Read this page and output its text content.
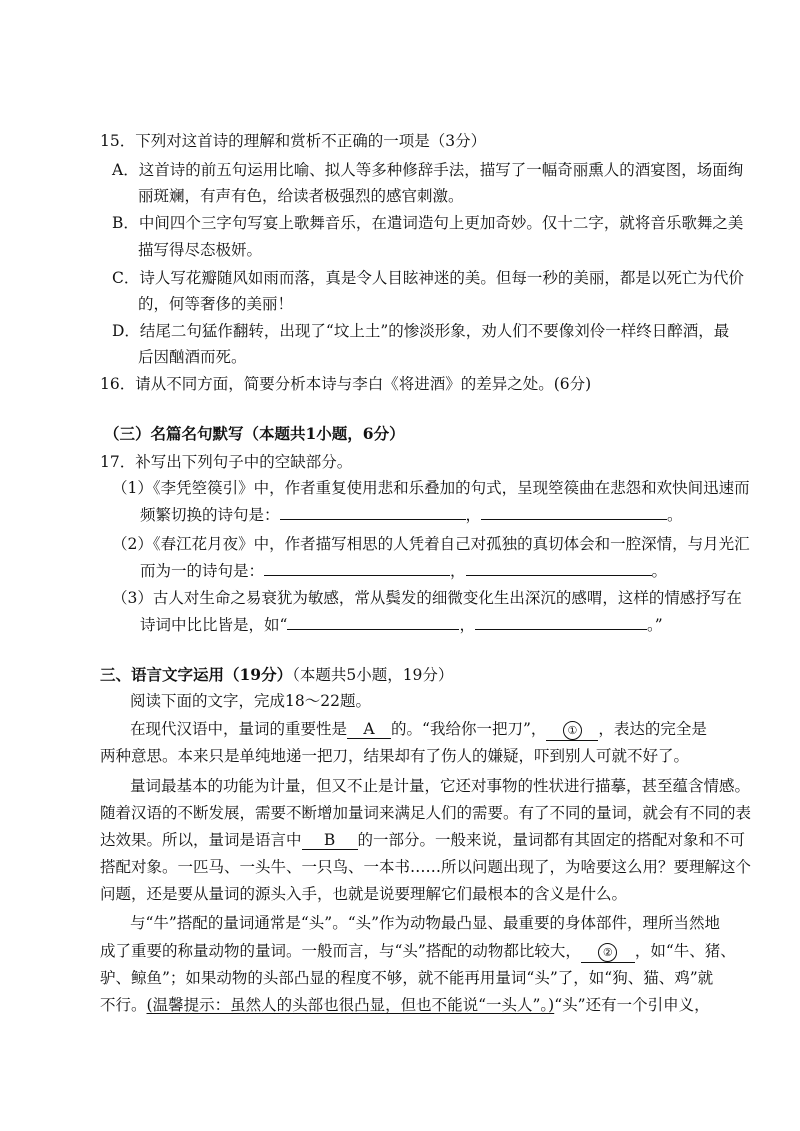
15．下列对这首诗的理解和赏析不正确的一项是（3分）
A．这首诗的前五句运用比喻、拟人等多种修辞手法，描写了一幅奇丽熏人的酒宴图，场面绚
丽斑斓，有声有色，给读者极强烈的感官刺激。
B．中间四个三字句写宴上歌舞音乐，在遣词造句上更加奇妙。仅十二字，就将音乐歌舞之美
描写得尽态极妍。
C．诗人写花瓣随风如雨而落，真是令人目眩神迷的美。但每一秒的美丽，都是以死亡为代价
的，何等奢侈的美丽！
D．结尾二句猛作翻转，出现了“坟上土”的惨淡形象，劝人们不要像刘伶一样终日醉酒，最
后因酗酒而死。
16．请从不同方面，简要分析本诗与李白《将进酒》的差异之处。(6分)
（三）名篇名句默写（本题共1小题，6分）
17．补写出下列句子中的空缺部分。
（1）《李凭箜篌引》中，作者重复使用悲和乐叠加的句式，呈现箜篌曲在悲怨和欢快间迅速而
频繁切换的诗句是：	，	。
（2）《春江花月夜》中，作者描写相思的人凭着自己对孤独的真切体会和一腔深情，与月光汇
而为一的诗句是：	，	。
（3）古人对生命之易衰犹为敏感，常从鬓发的细微变化生出深沉的感喟，这样的情感抒写在
诗词中比比皆是，如“	，	。”
三、语言文字运用（19分）（本题共5小题，19分）
阅读下面的文字，完成18～22题。
在现代汉语中，量词的重要性是 A 的。“我给你一把刀”， ① ，表达的完全是
两种意思。本来只是单纯地递一把刀，结果却有了伤人的嫌疑，吓到别人可就不好了。
量词最基本的功能为计量，但又不止是计量，它还对事物的性状进行描摹，甚至蕴含情感。
随着汉语的不断发展，需要不断增加量词来满足人们的需要。有了不同的量词，就会有不同的表
达效果。所以，量词是语言中 B 的一部分。一般来说，量词都有其固定的搭配对象和不可
搭配对象。一匹马、一头牛、一只鸟、一本书……所以问题出现了，为啥要这么用？要理解这个
问题，还是要从量词的源头入手，也就是说要理解它们最根本的含义是什么。
与“牛”搭配的量词通常是“头”。“头”作为动物最凸显、最重要的身体部件，理所当然地
成了重要的称量动物的量词。一般而言，与“头”搭配的动物都比较大， ② ，如“牛、猪、
驴、鲸鱼”；如果动物的头部凸显的程度不够，就不能再用量词“头”了，如“狗、猫、鸡”就
不行。(温馨提示：虽然人的头部也很凸显，但也不能说“一头人”。)“头”还有一个引申义，
